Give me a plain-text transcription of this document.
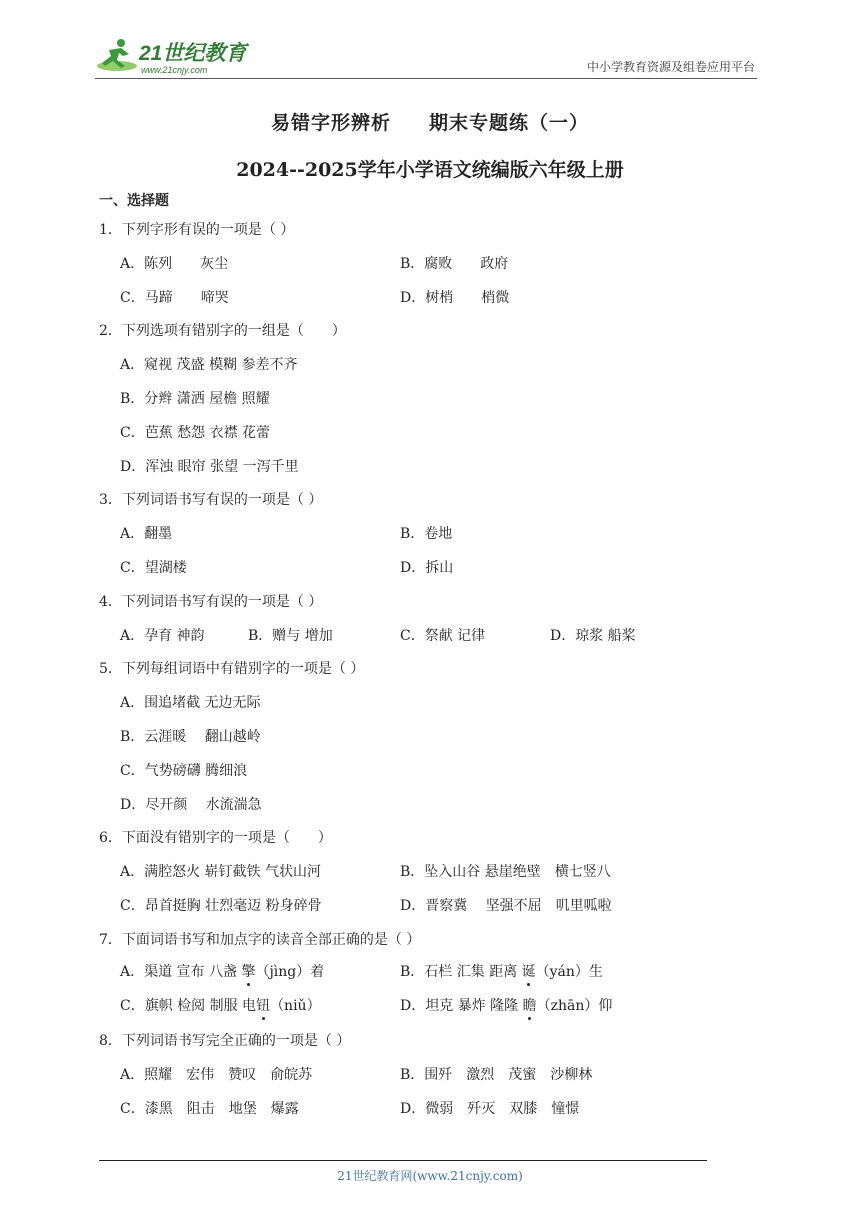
21世纪教育
www.21cnjy.com	中小学教育资源及组卷应用平台
易错字形辨析 期末专题练（一）
2024--2025学年小学语文统编版六年级上册
一、选择题
1．下列字形有误的一项是（ ）
A．陈列　　灰尘	B．腐败　　政府
C．马蹄　　啼哭	D．树梢　　梢微
2．下列选项有错别字的一组是（　　）
A．窥视 茂盛 模糊 参差不齐
B．分辫 潇洒 屋檐 照耀
C．芭蕉 愁怨 衣襟 花蕾
D．浑浊 眼帘 张望 一泻千里
3．下列词语书写有误的一项是（ ）
A．翻墨	B．卷地
C．望湖楼	D．拆山
4．下列词语书写有误的一项是（ ）
A．孕育 神韵	B．赠与 增加	C．祭献 记律	D．琼浆 船桨
5．下列每组词语中有错别字的一项是（ ）
A．围追堵截 无边无际
B．云涯暖　 翻山越岭
C．气势磅礴 腾细浪
D．尽开颜　 水流湍急
6．下面没有错别字的一项是（　　）
A．满腔怒火 崭钉截铁 气状山河	B．坠入山谷 悬崖绝壁　横七竖八
C．昂首挺胸 壮烈毫迈 粉身碎骨	D．晋察冀　 坚强不屈　叽里呱啦
7．下面词语书写和加点字的读音全部正确的是（ ）
A．渠道 宣布 八盏 擎（jìng）着	B．石栏 汇集 距离 诞（yán）生
C．旗帜 检阅 制服 电钮（niǔ）	D．坦克 暴炸 隆隆 瞻（zhān）仰
8．下列词语书写完全正确的一项是（ ）
A．照耀　宏伟　赞叹　俞皖苏	B．围歼　激烈　茂蜜　沙柳林
C．漆黑　阻击　地堡　爆露	D．微弱　歼灭　双膝　憧憬
21世纪教育网(www.21cnjy.com)
